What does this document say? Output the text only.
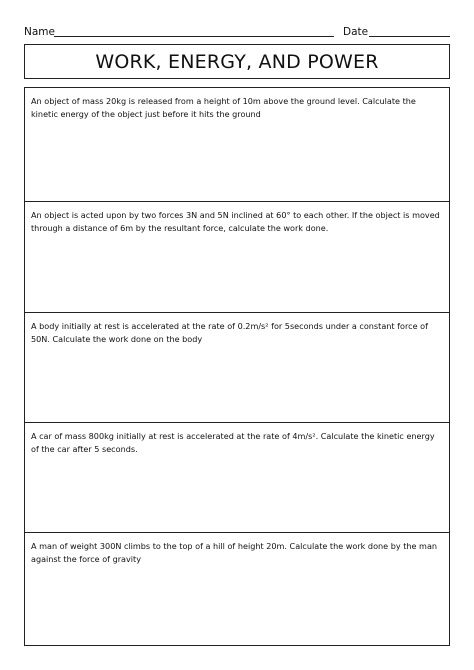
Name	Date
WORK, ENERGY, AND POWER
An object of mass 20kg is released from a height of 10m above the ground level. Calculate the kinetic energy of the object just before it hits the ground
An object is acted upon by two forces 3N and 5N inclined at 60° to each other. If the object is moved through a distance of 6m by the resultant force, calculate the work done.
A body initially at rest is accelerated at the rate of 0.2m/s² for 5seconds under a constant force of 50N. Calculate the work done on the body
A car of mass 800kg initially at rest is accelerated at the rate of 4m/s². Calculate the kinetic energy of the car after 5 seconds.
A man of weight 300N climbs to the top of a hill of height 20m. Calculate the work done by the man against the force of gravity
